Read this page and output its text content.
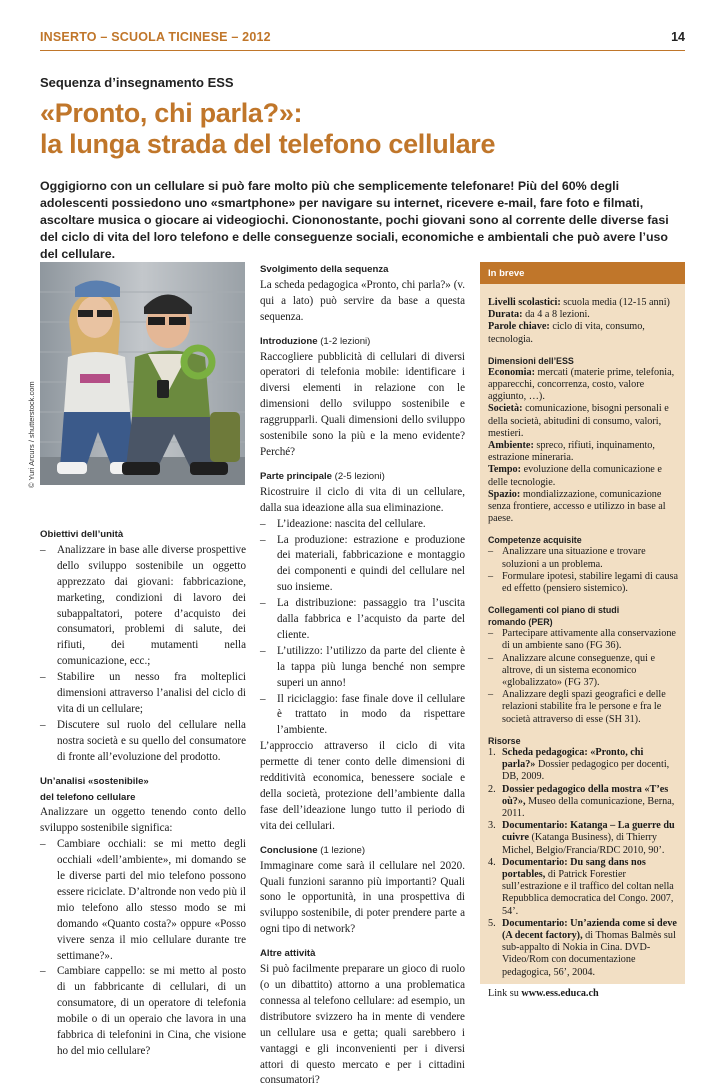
INSERTO – SCUOLA TICINESE – 2012	14
Sequenza d’insegnamento ESS
«Pronto, chi parla?»:
la lunga strada del telefono cellulare

Oggigiorno con un cellulare si può fare molto più che semplicemente telefonare! Più del 60% degli adolescenti possiedono uno «smartphone» per navigare su internet, ricevere e-mail, fare foto e filmati, ascoltare musica o giocare ai videogiochi. Ciononostante, pochi giovani sono al corrente delle diverse fasi del ciclo di vita del loro telefono e delle conseguenze sociali, economiche e ambientali che può avere l’uso del cellulare.

© Yuri Arcurs / shutterstock.com
Obiettivi dell’unità
– Analizzare in base alle diverse prospettive dello sviluppo sostenibile un oggetto apprezzato dai giovani: fabbricazione, marketing, condizioni di lavoro dei subappaltatori, potere d’acquisto dei consumatori, problemi di salute, dei rifiuti, dei mutamenti nella comunicazione, ecc.;
– Stabilire un nesso fra molteplici dimensioni attraverso l’analisi del ciclo di vita di un cellulare;
– Discutere sul ruolo del cellulare nella nostra società e su quello del consumatore di fronte all’evoluzione del prodotto.
Un’analisi «sostenibile»
del telefono cellulare

Analizzare un oggetto tenendo conto dello sviluppo sostenibile significa:

– Cambiare occhiali: se mi metto degli occhiali «dell’ambiente», mi domando se le diverse parti del mio telefono possono essere riciclate. D’altronde non vedo più il mio telefono allo stesso modo se mi domando «Quanto costa?» oppure «Posso vivere senza il mio cellulare durante tre settimane?».
– Cambiare cappello: se mi metto al posto di un fabbricante di cellulari, di un consumatore, di un operatore di telefonia mobile o di un operaio che lavora in una fabbrica di telefonini in Cina, che visione ho del mio cellulare?
Svolgimento della sequenza

La scheda pedagogica «Pronto, chi parla?» (v. qui a lato) può servire da base a questa sequenza.

Introduzione (1-2 lezioni)

Raccogliere pubblicità di cellulari di diversi operatori di telefonia mobile: identificare i diversi elementi in relazione con le dimensioni dello sviluppo sostenibile e raggrupparli. Quali dimensioni dello sviluppo sostenibile sono la più e la meno evidente? Perché?

Parte principale (2-5 lezioni)

Ricostruire il ciclo di vita di un cellulare, dalla sua ideazione alla sua eliminazione.

– L’ideazione: nascita del cellulare.
– La produzione: estrazione e produzione dei materiali, fabbricazione e montaggio dei componenti e quindi del cellulare nel suo insieme.
– La distribuzione: passaggio tra l’uscita dalla fabbrica e l’acquisto da parte del cliente.
– L’utilizzo: l’utilizzo da parte del cliente è la tappa più lunga benché non sempre superi un anno!
– Il riciclaggio: fase finale dove il cellulare è trattato in modo da rispettare l’ambiente.

L’approccio attraverso il ciclo di vita permette di tener conto delle dimensioni di redditività economica, benessere sociale e della società, protezione dell’ambiente dalla fase dell’ideazione lungo tutto il periodo di vita dei cellulari.

Conclusione (1 lezione)

Immaginare come sarà il cellulare nel 2020. Quali funzioni saranno più importanti? Quali sono le opportunità, in una prospettiva di sviluppo sostenibile, di poter prendere parte a ogni tipo di network?

Altre attività

Si può facilmente preparare un gioco di ruolo (o un dibattito) attorno a una problematica connessa al telefono cellulare: ad esempio, un distributore svizzero ha in mente di vendere un cellulare usa e getta; quali sarebbero i vantaggi e gli inconvenienti per i diversi attori di questo mercato e per i cittadini consumatori?

In breve
Livelli scolastici: scuola media (12-15 anni)
Durata: da 4 a 8 lezioni.
Parole chiave: ciclo di vita, consumo, tecnologia.
Dimensioni dell’ESS
Economia: mercati (materie prime, telefonia, apparecchi, concorrenza, costo, valore aggiunto, …).
Società: comunicazione, bisogni personali e della società, abitudini di consumo, valori, mestieri.
Ambiente: spreco, rifiuti, inquinamento, estrazione mineraria.
Tempo: evoluzione della comunicazione e delle tecnologie.
Spazio: mondializzazione, comunicazione senza frontiere, accesso e utilizzo in base al paese.
Competenze acquisite
– Analizzare una situazione e trovare soluzioni a un problema.
– Formulare ipotesi, stabilire legami di causa ed effetto (pensiero sistemico).
Collegamenti col piano di studi
romando (PER)
– Partecipare attivamente alla conservazione di un ambiente sano (FG 36).
– Analizzare alcune conseguenze, qui e altrove, di un sistema economico «globalizzato» (FG 37).
– Analizzare degli spazi geografici e delle relazioni stabilite fra le persone e fra le società attraverso di esse (SH 31).
Risorse
1. Scheda pedagogica: «Pronto, chi parla?» Dossier pedagogico per docenti, DB, 2009.
2. Dossier pedagogico della mostra «T’es où?», Museo della comunicazione, Berna, 2011.
3. Documentario: Katanga – La guerre du cuivre (Katanga Business), di Thierry Michel, Belgio/Francia/RDC 2010, 90’.
4. Documentario: Du sang dans nos portables, di Patrick Forestier sull’estrazione e il traffico del coltan nella Repubblica democratica del Congo. 2007, 54’.
5. Documentario: Un’azienda come si deve (A decent factory), di Thomas Balmès sul sub-appalto di Nokia in Cina. DVD-Video/Rom con documentazione pedagogica, 56’, 2004.
Link su www.ess.educa.ch
